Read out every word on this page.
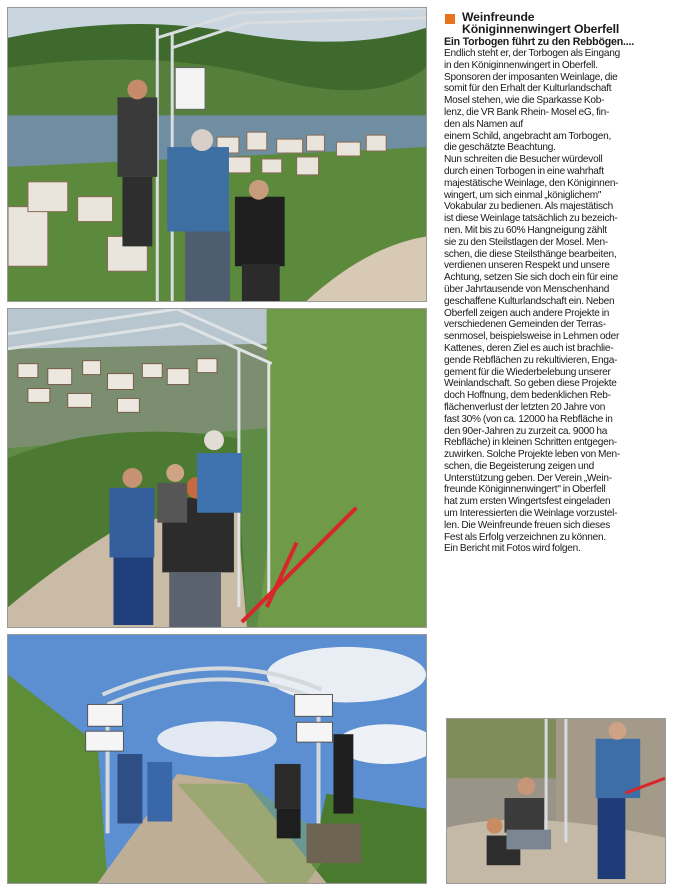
Weinfreunde

Königinnenwingert Oberfell

Ein Torbogen führt zu den Rebbögen....

Endlich steht er, der Torbogen als Eingang
in den Königinnenwingert in Oberfell.
Sponsoren der imposanten Weinlage, die
somit für den Erhalt der Kulturlandschaft
Mosel stehen, wie die Sparkasse Kob-
lenz, die VR Bank Rhein- Mosel eG, fin-
den als Namen auf
einem Schild, angebracht am Torbogen,
die geschätzte Beachtung.
Nun schreiten die Besucher würdevoll
durch einen Torbogen in eine wahrhaft
majestätische Weinlage, den Königinnen-
wingert, um sich einmal „königlichem"
Vokabular zu bedienen. Als majestätisch
ist diese Weinlage tatsächlich zu bezeich-
nen. Mit bis zu 60% Hangneigung zählt
sie zu den Steilstlagen der Mosel. Men-
schen, die diese Steilsthänge bearbeiten,
verdienen unseren Respekt und unsere
Achtung, setzen Sie sich doch ein für eine
über Jahrtausende von Menschenhand
geschaffene Kulturlandschaft ein. Neben
Oberfell zeigen auch andere Projekte in
verschiedenen Gemeinden der Terras-
senmosel, beispielsweise in Lehmen oder
Kattenes, deren Ziel es auch ist brachlie-
gende Rebflächen zu rekultivieren, Enga-
gement für die Wiederbelebung unserer
Weinlandschaft. So geben diese Projekte
doch Hoffnung, dem bedenklichen Reb-
flächenverlust der letzten 20 Jahre von
fast 30% (von ca. 12000 ha Rebfläche in
den 90er-Jahren zu zurzeit ca. 9000 ha
Rebfläche) in kleinen Schritten entgegen-
zuwirken. Solche Projekte leben von Men-
schen, die Begeisterung zeigen und
Unterstützung geben. Der Verein „Wein-
freunde Königinnenwingert" in Oberfell
hat zum ersten Wingertsfest eingeladen
um Interessierten die Weinlage vorzustel-
len. Die Weinfreunde freuen sich dieses
Fest als Erfolg verzeichnen zu können.
Ein Bericht mit Fotos wird folgen.
